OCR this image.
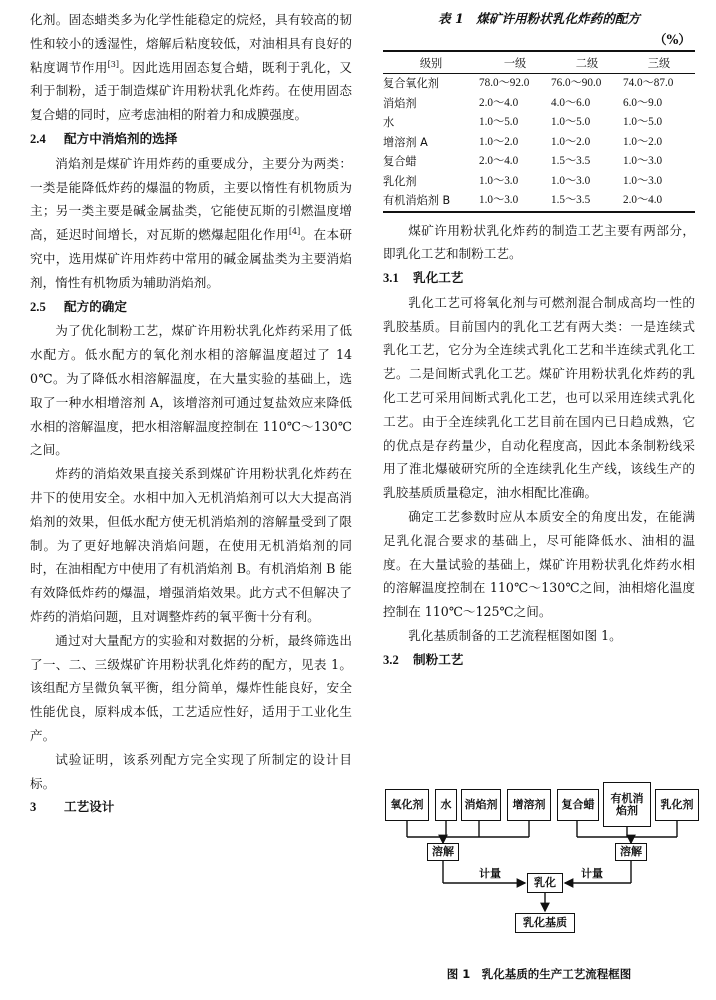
化剂。固态蜡类多为化学性能稳定的烷烃，具有较高的韧性和较小的透湿性，熔解后粘度较低，对油相具有良好的粘度调节作用[3]。因此选用固态复合蜡，既利于乳化，又利于制粉，适于制造煤矿许用粉状乳化炸药。在使用固态复合蜡的同时，应考虑油相的附着力和成膜强度。

2.4 配方中消焰剂的选择

消焰剂是煤矿许用炸药的重要成分，主要分为两类：一类是能降低炸药的爆温的物质，主要以惰性有机物质为主；另一类主要是碱金属盐类，它能使瓦斯的引燃温度增高，延迟时间增长，对瓦斯的燃爆起阻化作用[4]。在本研究中，选用煤矿许用炸药中常用的碱金属盐类为主要消焰剂，惰性有机物质为辅助消焰剂。

2.5 配方的确定

为了优化制粉工艺，煤矿许用粉状乳化炸药采用了低水配方。低水配方的氧化剂水相的溶解温度超过了 140℃。为了降低水相溶解温度，在大量实验的基础上，选取了一种水相增溶剂 A，该增溶剂可通过复盐效应来降低水相的溶解温度，把水相溶解温度控制在 110℃～130℃之间。

炸药的消焰效果直接关系到煤矿许用粉状乳化炸药在井下的使用安全。水相中加入无机消焰剂可以大大提高消焰剂的效果，但低水配方使无机消焰剂的溶解量受到了限制。为了更好地解决消焰问题，在使用无机消焰剂的同时，在油相配方中使用了有机消焰剂 B。有机消焰剂 B 能有效降低炸药的爆温，增强消焰效果。此方式不但解决了炸药的消焰问题，且对调整炸药的氧平衡十分有利。

通过对大量配方的实验和对数据的分析，最终筛选出了一、二、三级煤矿许用粉状乳化炸药的配方，见表 1。该组配方呈微负氧平衡，组分简单，爆炸性能良好，安全性能优良，原料成本低，工艺适应性好，适用于工业化生产。

试验证明，该系列配方完全实现了所制定的设计目标。

3 工艺设计

表 1　煤矿许用粉状乳化炸药的配方

（%）

级别	一级	二级	三级
复合氧化剂	78.0～92.0	76.0～90.0	74.0～87.0
消焰剂	2.0～4.0	4.0～6.0	6.0～9.0
水	1.0～5.0	1.0～5.0	1.0～5.0
增溶剂 A	1.0～2.0	1.0～2.0	1.0～2.0
复合蜡	2.0～4.0	1.5～3.5	1.0～3.0
乳化剂	1.0～3.0	1.0～3.0	1.0～3.0
有机消焰剂 B	1.0～3.0	1.5～3.5	2.0～4.0

煤矿许用粉状乳化炸药的制造工艺主要有两部分，即乳化工艺和制粉工艺。

3.1 乳化工艺

乳化工艺可将氧化剂与可燃剂混合制成高均一性的乳胶基质。目前国内的乳化工艺有两大类：一是连续式乳化工艺，它分为全连续式乳化工艺和半连续式乳化工艺。二是间断式乳化工艺。煤矿许用粉状乳化炸药的乳化工艺可采用间断式乳化工艺，也可以采用连续式乳化工艺。由于全连续乳化工艺目前在国内已日趋成熟，它的优点是存药量少，自动化程度高，因此本条制粉线采用了淮北爆破研究所的全连续乳化生产线，该线生产的乳胶基质质量稳定，油水相配比准确。

确定工艺参数时应从本质安全的角度出发，在能满足乳化混合要求的基础上，尽可能降低水、油相的温度。在大量试验的基础上，煤矿许用粉状乳化炸药水相的溶解温度控制在 110℃～130℃之间，油相熔化温度控制在 110℃～125℃之间。

乳化基质制备的工艺流程框图如图 1。

3.2 制粉工艺

氧化剂	水	消焰剂	增溶剂	复合蜡	有机消焰剂	乳化剂
溶解	溶解
计量	计量
乳化
乳化基质

图 1　乳化基质的生产工艺流程框图
